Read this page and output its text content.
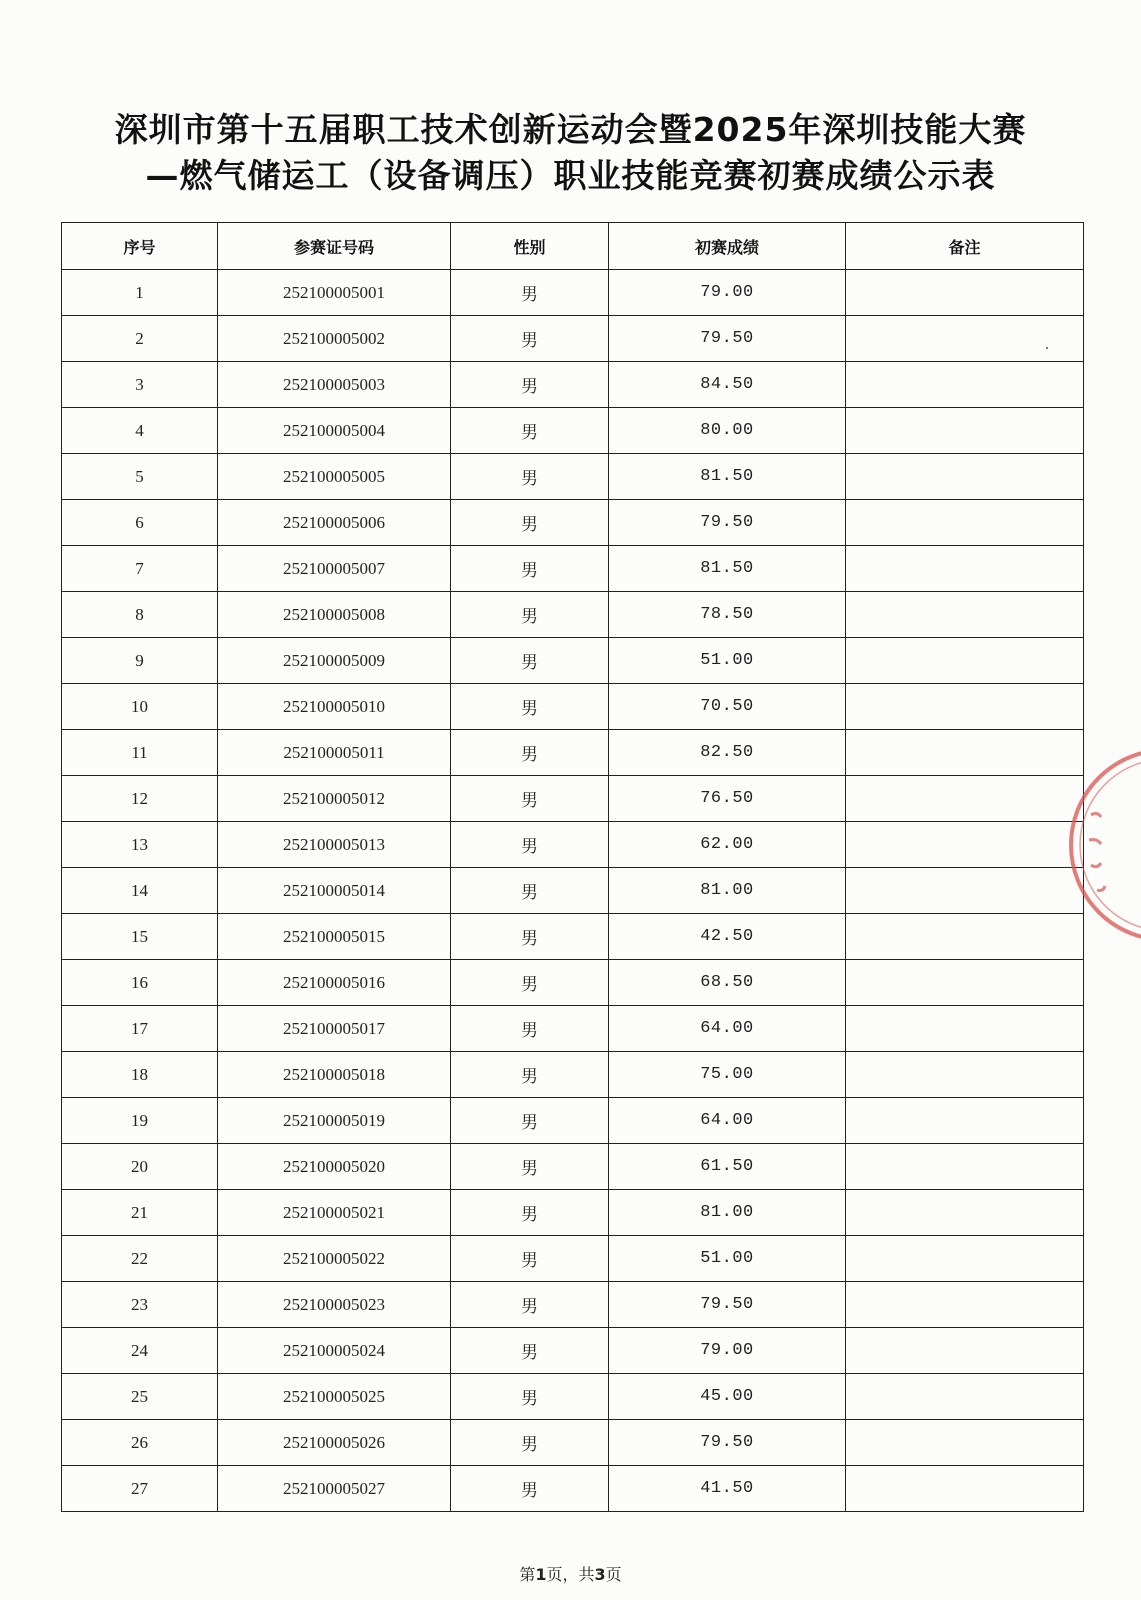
深圳市第十五届职工技术创新运动会暨2025年深圳技能大赛
—燃气储运工（设备调压）职业技能竞赛初赛成绩公示表
序号	参赛证号码	性别	初赛成绩	备注
1	252100005001	男	79.00	
2	252100005002	男	79.50	
3	252100005003	男	84.50	
4	252100005004	男	80.00	
5	252100005005	男	81.50	
6	252100005006	男	79.50	
7	252100005007	男	81.50	
8	252100005008	男	78.50	
9	252100005009	男	51.00	
10	252100005010	男	70.50	
11	252100005011	男	82.50	
12	252100005012	男	76.50	
13	252100005013	男	62.00	
14	252100005014	男	81.00	
15	252100005015	男	42.50	
16	252100005016	男	68.50	
17	252100005017	男	64.00	
18	252100005018	男	75.00	
19	252100005019	男	64.00	
20	252100005020	男	61.50	
21	252100005021	男	81.00	
22	252100005022	男	51.00	
23	252100005023	男	79.50	
24	252100005024	男	79.00	
25	252100005025	男	45.00	
26	252100005026	男	79.50	
27	252100005027	男	41.50	
第1页，共3页
